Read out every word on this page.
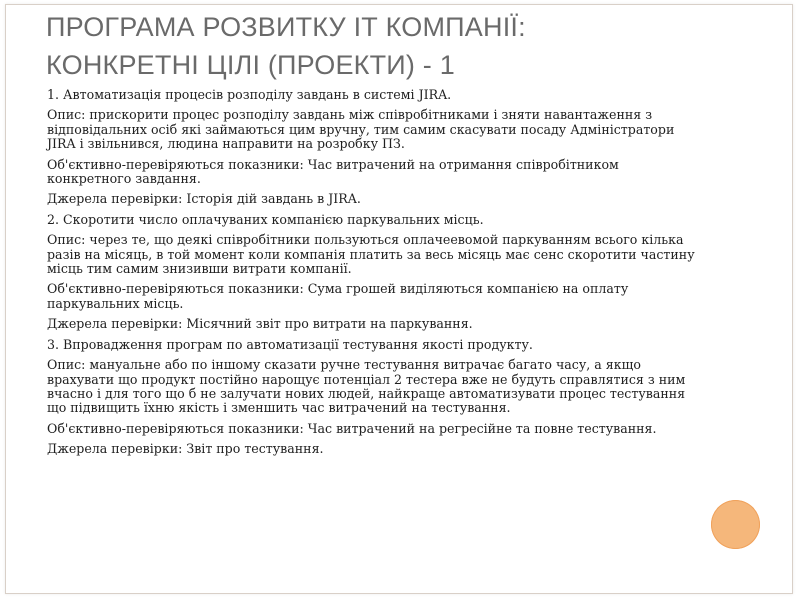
ПРОГРАМА РОЗВИТКУ ІТ КОМПАНІЇ:
КОНКРЕТНІ ЦІЛІ (ПРОЕКТИ) - 1

1. Автоматизація процесів розподілу завдань в системі JIRA.

Опис: прискорити процес розподілу завдань між співробітниками і зняти навантаження з відповідальних осіб які займаються цим вручну, тим самим скасувати посаду Адміністратори JIRA і звільнився, людина направити на розробку ПЗ.

Об'єктивно-перевіряються показники: Час витрачений на отримання співробітником конкретного завдання.

Джерела перевірки: Історія дій завдань в JIRA.

2. Скоротити число оплачуваних компанією паркувальних місць.

Опис: через те, що деякі співробітники пользуються оплачеевомой паркуванням всього кілька разів на місяць, в той момент коли компанія платить за весь місяць має сенс скоротити частину місць тим самим знизивши витрати компанії.

Об'єктивно-перевіряються показники: Сума грошей виділяються компанією на оплату паркувальних місць.

Джерела перевірки: Місячний звіт про витрати на паркування.

3. Впровадження програм по автоматизації тестування якості продукту.

Опис: мануальне або по іншому сказати ручне тестування витрачає багато часу, а якщо врахувати що продукт постійно нарощує потенціал 2 тестера вже не будуть справлятися з ним вчасно і для того що б не залучати нових людей, найкраще автоматизувати процес тестування що підвищить їхню якість і зменшить час витрачений на тестування.

Об'єктивно-перевіряються показники: Час витрачений на регресійне та повне тестування.

Джерела перевірки: Звіт про тестування.
